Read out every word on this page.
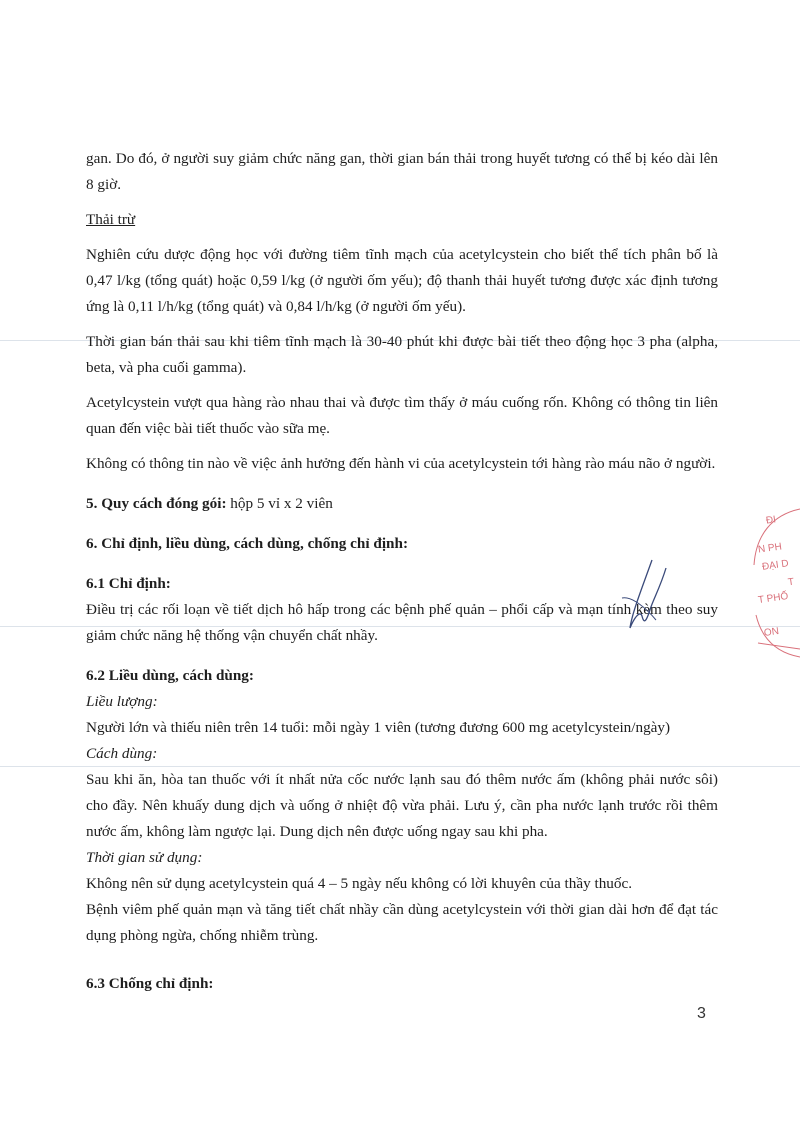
gan. Do đó, ở người suy giảm chức năng gan, thời gian bán thải trong huyết tương có thể bị kéo dài lên 8 giờ.

Thải trừ

Nghiên cứu dược động học với đường tiêm tĩnh mạch của acetylcystein cho biết thể tích phân bố là 0,47 l/kg (tổng quát) hoặc 0,59 l/kg (ở người ốm yếu); độ thanh thải huyết tương được xác định tương ứng là 0,11 l/h/kg (tổng quát) và 0,84 l/h/kg (ở người ốm yếu).

Thời gian bán thải sau khi tiêm tĩnh mạch là 30-40 phút khi được bài tiết theo động học 3 pha (alpha, beta, và pha cuối gamma).

Acetylcystein vượt qua hàng rào nhau thai và được tìm thấy ở máu cuống rốn. Không có thông tin liên quan đến việc bài tiết thuốc vào sữa mẹ.

Không có thông tin nào về việc ảnh hưởng đến hành vi của acetylcystein tới hàng rào máu não ở người.

5. Quy cách đóng gói: hộp 5 vỉ x 2 viên

6. Chỉ định, liều dùng, cách dùng, chống chỉ định:

6.1 Chỉ định:

Điều trị các rối loạn về tiết dịch hô hấp trong các bệnh phế quản – phổi cấp và mạn tính kèm theo suy giảm chức năng hệ thống vận chuyển chất nhầy.

6.2 Liều dùng, cách dùng:

Liều lượng:

Người lớn và thiếu niên trên 14 tuổi: mỗi ngày 1 viên (tương đương 600 mg acetylcystein/ngày)

Cách dùng:

Sau khi ăn, hòa tan thuốc với ít nhất nửa cốc nước lạnh sau đó thêm nước ấm (không phải nước sôi) cho đầy. Nên khuấy dung dịch và uống ở nhiệt độ vừa phải. Lưu ý, cần pha nước lạnh trước rồi thêm nước ấm, không làm ngược lại. Dung dịch nên được uống ngay sau khi pha.

Thời gian sử dụng:

Không nên sử dụng acetylcystein quá 4 – 5 ngày nếu không có lời khuyên của thầy thuốc.

Bệnh viêm phế quản mạn và tăng tiết chất nhầy cần dùng acetylcystein với thời gian dài hơn để đạt tác dụng phòng ngừa, chống nhiễm trùng.

6.3 Chống chỉ định:

ĐI
N PH
ĐẠI D
T
T PHỐ
ON
3
